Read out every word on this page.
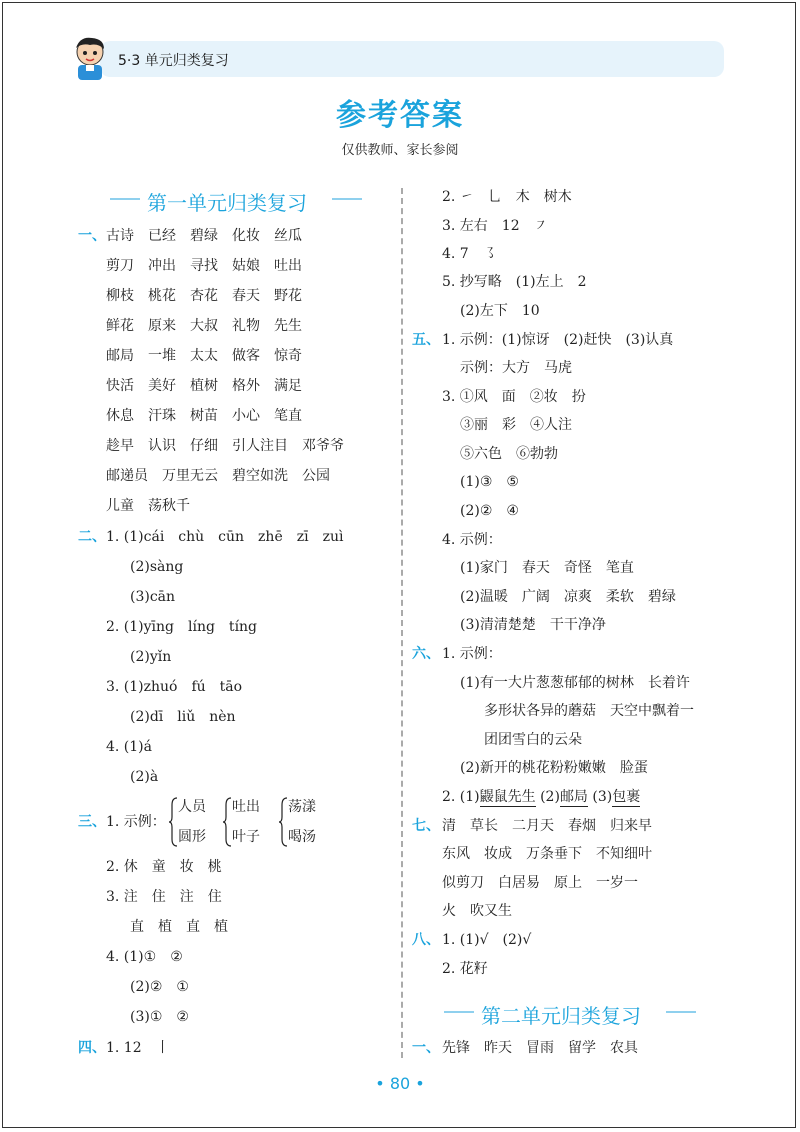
5·3 单元归类复习
参考答案
仅供教师、家长参阅
第一单元归类复习
一、 古诗　已经　碧绿　化妆　丝瓜
剪刀　冲出　寻找　姑娘　吐出
柳枝　桃花　杏花　春天　野花
鲜花　原来　大叔　礼物　先生
邮局　一堆　太太　做客　惊奇
快活　美好　植树　格外　满足
休息　汗珠　树苗　小心　笔直
趁早　认识　仔细　引人注目　邓爷爷
邮递员　万里无云　碧空如洗　公园
儿童　荡秋千
二、 1. (1)cái　chù　cūn　zhē　zī　zuì
(2)sàng
(3)cān
2. (1)yīng　líng　tíng
(2)yǐn
3. (1)zhuó　fú　tāo
(2)dī　liǔ　nèn
4. (1)á
(2)à
三、 1. 示例：
人员
圆形
吐出
叶子
荡漾
喝汤
2. 休　童　妆　桃
3. 注　住　注　住
直　植　直　植
4. (1)①　②
(2)②　①
(3)①　②
四、 1. 12　丨
2. ㇀　乚　木　树木
3. 左右　12　㇇
4. 7　㇌
5. 抄写略　(1)左上　2
(2)左下　10
五、 1. 示例：(1)惊讶　(2)赶快　(3)认真
示例：大方　马虎
3. ①风　面　②妆　扮
③丽　彩　④人注
⑤六色　⑥勃勃
(1)③　⑤
(2)②　④
4. 示例：
(1)家门　春天　奇怪　笔直
(2)温暖　广阔　凉爽　柔软　碧绿
(3)清清楚楚　干干净净
六、 1. 示例：
(1)有一大片葱葱郁郁的树林　长着许
多形状各异的蘑菇　天空中飘着一
团团雪白的云朵
(2)新开的桃花粉粉嫩嫩　脸蛋
2. (1)鼹鼠先生 (2)邮局 (3)包裹
七、 清　草长　二月天　春烟　归来早
东风　妆成　万条垂下　不知细叶
似剪刀　白居易　原上　一岁一
火　吹又生
八、 1. (1)√　(2)√
2. 花籽
第二单元归类复习
一、 先锋　昨天　冒雨　留学　农具
• 80 •
